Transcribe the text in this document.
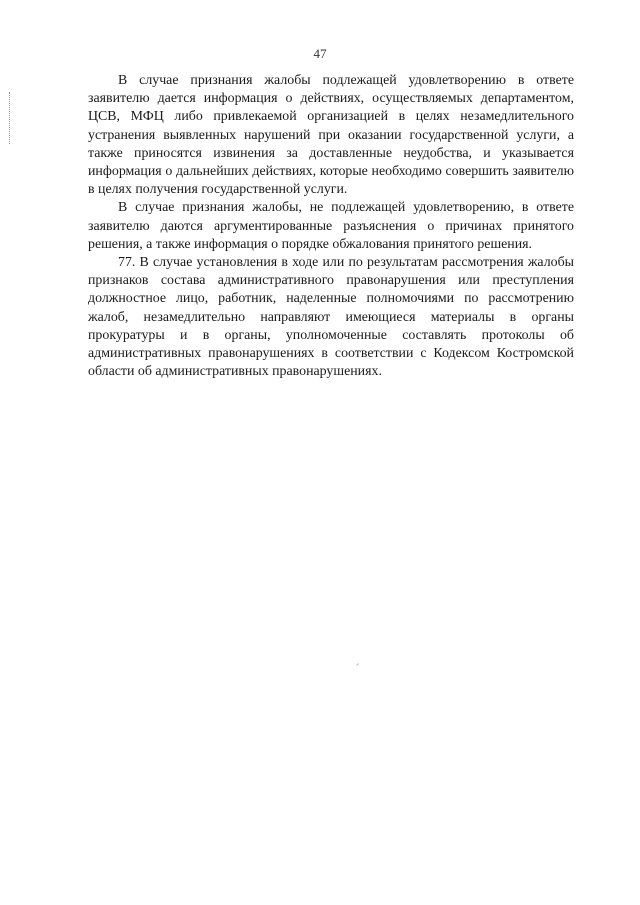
47

В случае признания жалобы подлежащей удовлетворению в ответе заявителю дается информация о действиях, осуществляемых департаментом, ЦСВ, МФЦ либо привлекаемой организацией в целях незамедлительного устранения выявленных нарушений при оказании государственной услуги, а также приносятся извинения за доставленные неудобства, и указывается информация о дальнейших действиях, которые необходимо совершить заявителю в целях получения государственной услуги.

В случае признания жалобы, не подлежащей удовлетворению, в ответе заявителю даются аргументированные разъяснения о причинах принятого решения, а также информация о порядке обжалования принятого решения.

77. В случае установления в ходе или по результатам рассмотрения жалобы признаков состава административного правонарушения или преступления должностное лицо, работник, наделенные полномочиями по рассмотрению жалоб, незамедлительно направляют имеющиеся материалы в органы прокуратуры и в органы, уполномоченные составлять протоколы об административных правонарушениях в соответствии с Кодексом Костромской области об административных правонарушениях.
